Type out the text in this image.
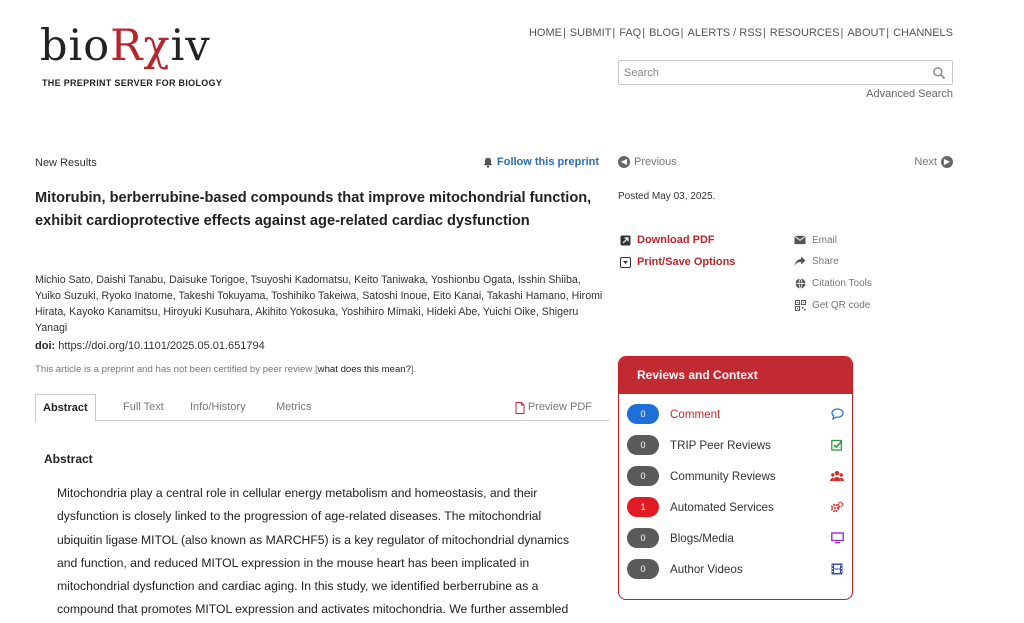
bioRχiv
THE PREPRINT SERVER FOR BIOLOGY
HOME | SUBMIT | FAQ | BLOG | ALERTS / RSS | RESOURCES | ABOUT | CHANNELS
Search
Advanced Search
New Results	Follow this preprint	◀ Previous	Next ▶
Mitorubin, berberrubine-based compounds that improve mitochondrial function, exhibit cardioprotective effects against age-related cardiac dysfunction
Michio Sato, Daishi Tanabu, Daisuke Torigoe, Tsuyoshi Kadomatsu, Keito Taniwaka, Yoshionbu Ogata, Isshin Shiiba, Yuiko Suzuki, Ryoko Inatome, Takeshi Tokuyama, Toshihiko Takeiwa, Satoshi Inoue, Eito Kanai, Takashi Hamano, Hiromi Hirata, Kayoko Kanamitsu, Hiroyuki Kusuhara, Akihito Yokosuka, Yoshihiro Mimaki, Hideki Abe, Yuichi Oike, Shigeru Yanagi
doi: https://doi.org/10.1101/2025.05.01.651794
This article is a preprint and has not been certified by peer review [what does this mean?].
Abstract	Full Text Info/History	Metrics	Preview PDF
Abstract
Mitochondria play a central role in cellular energy metabolism and homeostasis, and their
dysfunction is closely linked to the progression of age-related diseases. The mitochondrial
ubiquitin ligase MITOL (also known as MARCHF5) is a key regulator of mitochondrial dynamics
and function, and reduced MITOL expression in the mouse heart has been implicated in
mitochondrial dysfunction and cardiac aging. In this study, we identified berberrubine as a
compound that promotes MITOL expression and activates mitochondria. We further assembled
Posted May 03, 2025.
Download PDF
Print/Save Options
Email
Share
Citation Tools
Get QR code
Reviews and Context
0	Comment
0	TRIP Peer Reviews
0	Community Reviews
1	Automated Services
0	Blogs/Media
0	Author Videos
